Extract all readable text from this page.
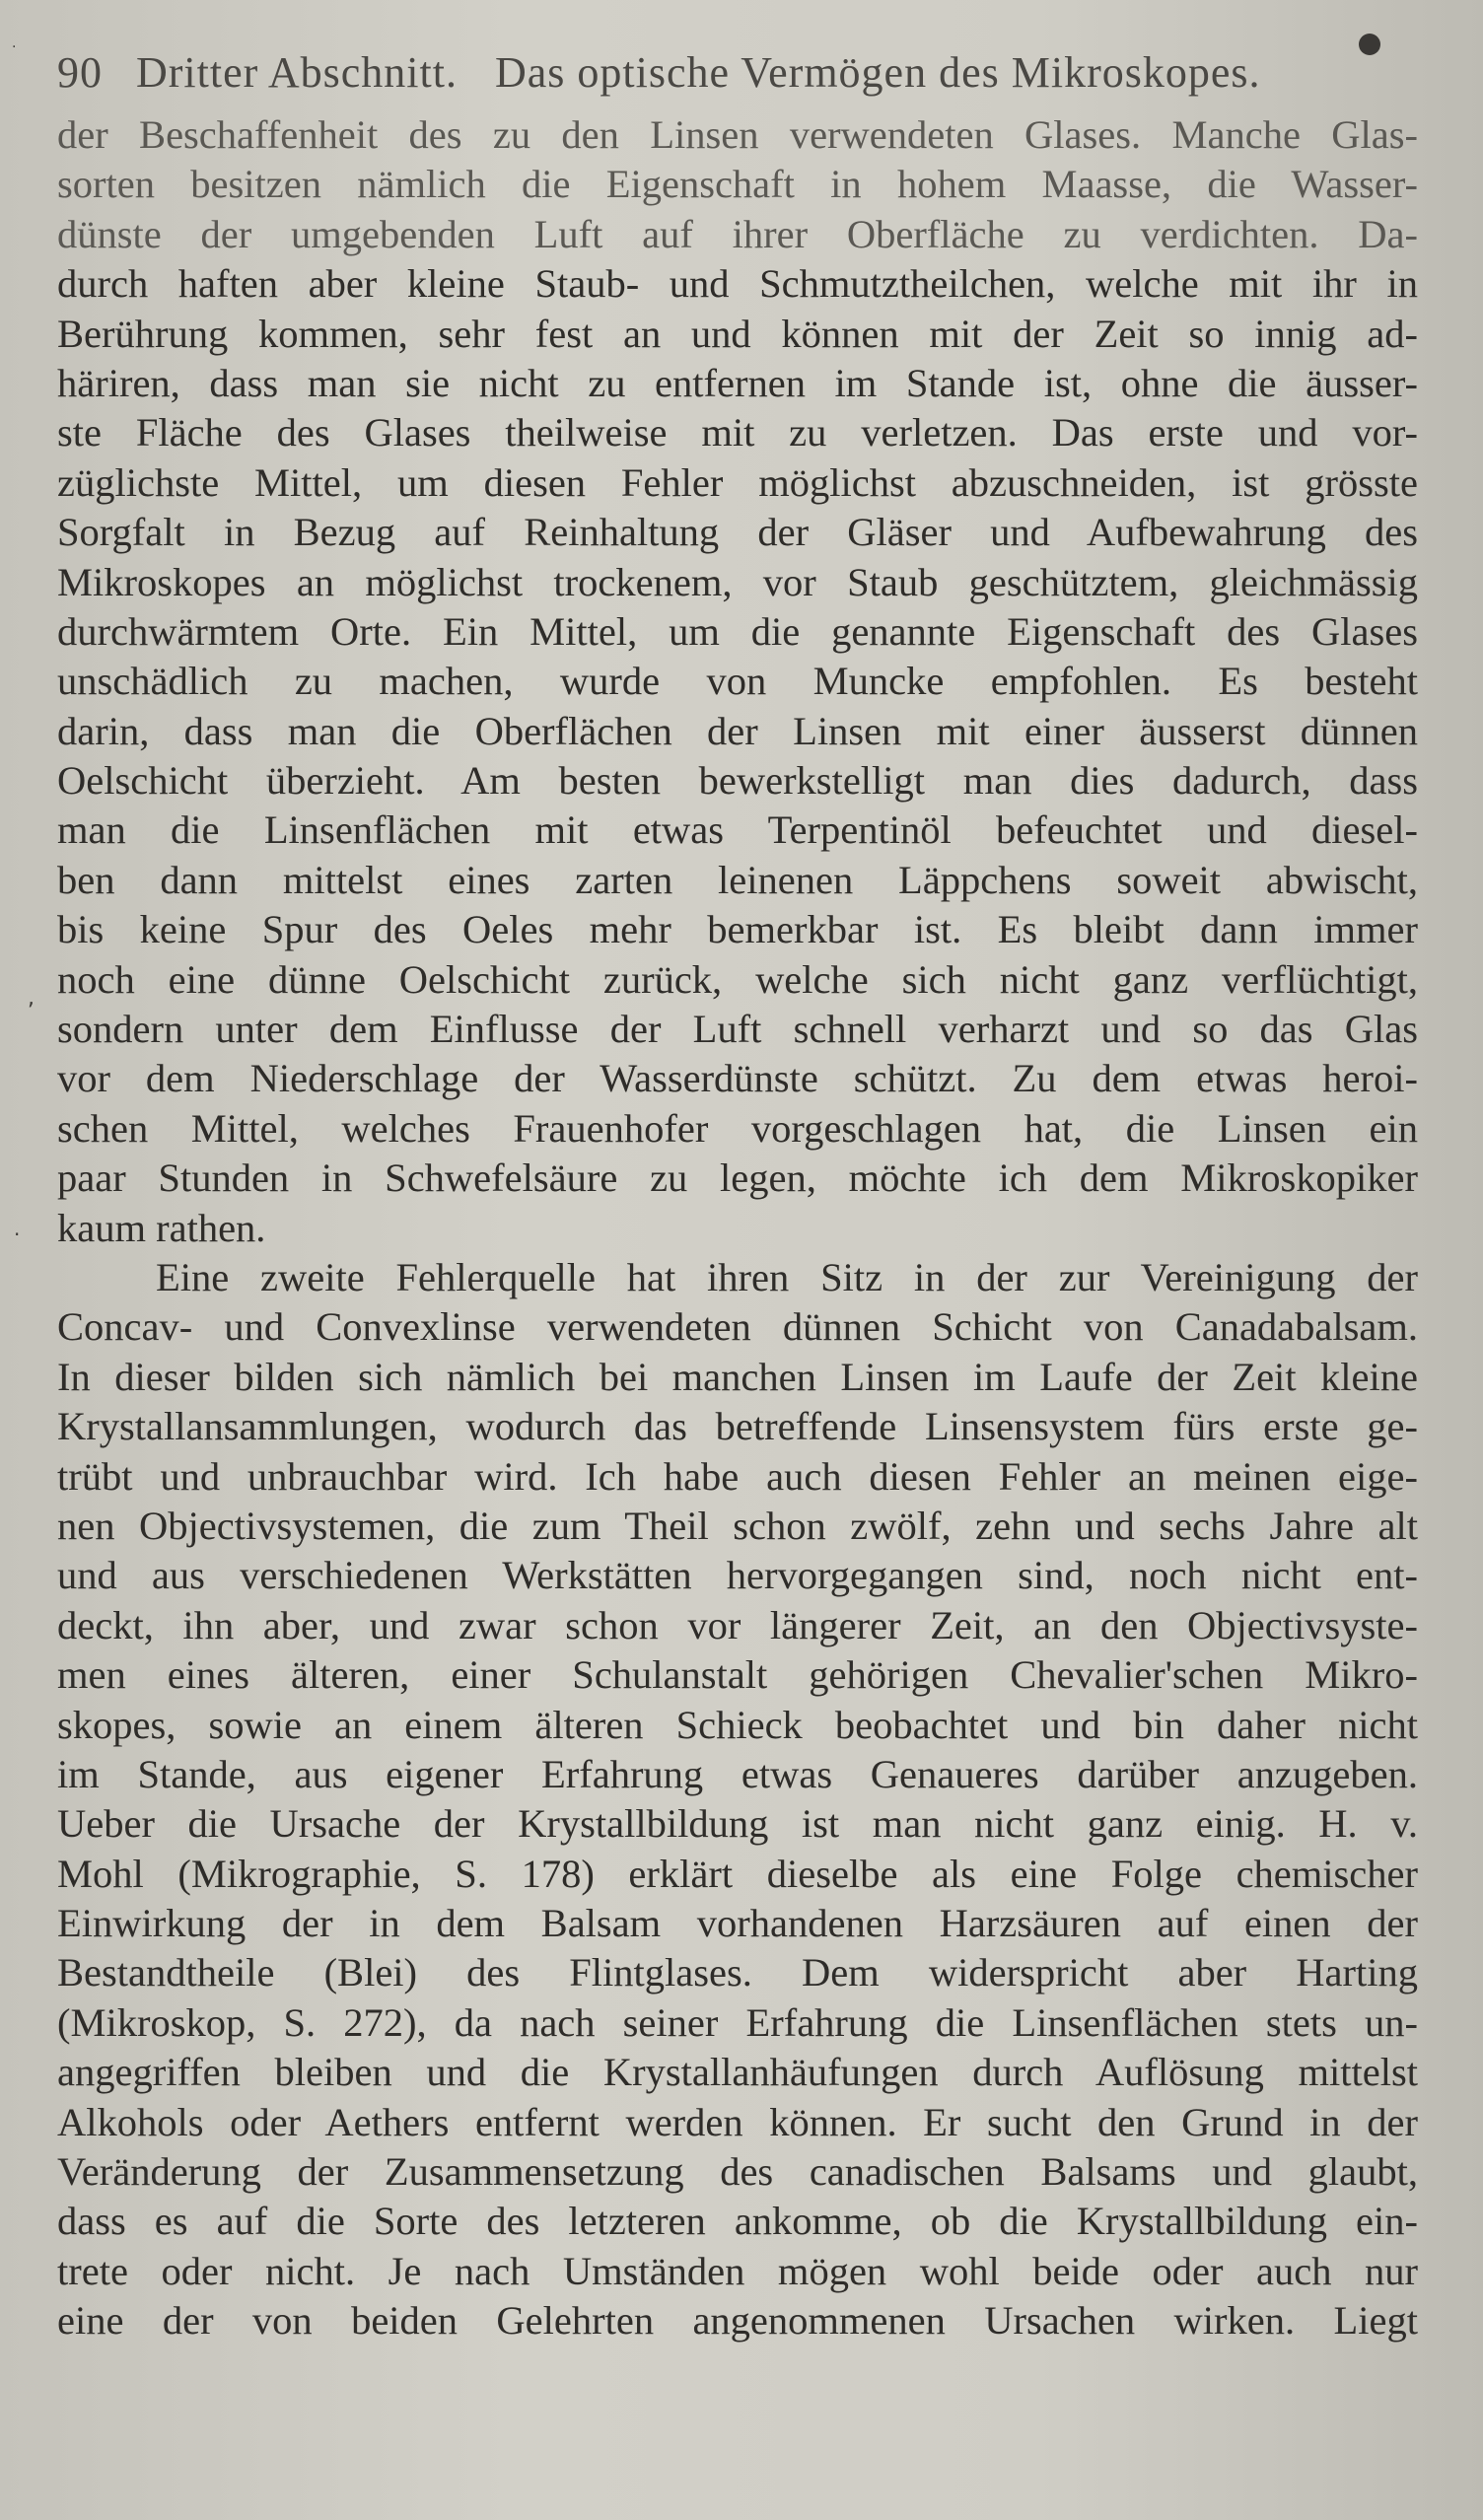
90 Dritter Abschnitt. Das optische Vermögen des Mikroskopes.
,
·
·
der Beschaffenheit des zu den Linsen verwendeten Glases. Manche Glas-
sorten besitzen nämlich die Eigenschaft in hohem Maasse, die Wasser-
dünste der umgebenden Luft auf ihrer Oberfläche zu verdichten. Da-
durch haften aber kleine Staub- und Schmutztheilchen, welche mit ihr in
Berührung kommen, sehr fest an und können mit der Zeit so innig ad-
häriren, dass man sie nicht zu entfernen im Stande ist, ohne die äusser-
ste Fläche des Glases theilweise mit zu verletzen. Das erste und vor-
züglichste Mittel, um diesen Fehler möglichst abzuschneiden, ist grösste
Sorgfalt in Bezug auf Reinhaltung der Gläser und Aufbewahrung des
Mikroskopes an möglichst trockenem, vor Staub geschütztem, gleichmässig
durchwärmtem Orte. Ein Mittel, um die genannte Eigenschaft des Glases
unschädlich zu machen, wurde von Muncke empfohlen. Es besteht
darin, dass man die Oberflächen der Linsen mit einer äusserst dünnen
Oelschicht überzieht. Am besten bewerkstelligt man dies dadurch, dass
man die Linsenflächen mit etwas Terpentinöl befeuchtet und diesel-
ben dann mittelst eines zarten leinenen Läppchens soweit abwischt,
bis keine Spur des Oeles mehr bemerkbar ist. Es bleibt dann immer
noch eine dünne Oelschicht zurück, welche sich nicht ganz verflüchtigt,
sondern unter dem Einflusse der Luft schnell verharzt und so das Glas
vor dem Niederschlage der Wasserdünste schützt. Zu dem etwas heroi-
schen Mittel, welches Frauenhofer vorgeschlagen hat, die Linsen ein
paar Stunden in Schwefelsäure zu legen, möchte ich dem Mikroskopiker
kaum rathen.
Eine zweite Fehlerquelle hat ihren Sitz in der zur Vereinigung der
Concav- und Convexlinse verwendeten dünnen Schicht von Canadabalsam.
In dieser bilden sich nämlich bei manchen Linsen im Laufe der Zeit kleine
Krystallansammlungen, wodurch das betreffende Linsensystem fürs erste ge-
trübt und unbrauchbar wird. Ich habe auch diesen Fehler an meinen eige-
nen Objectivsystemen, die zum Theil schon zwölf, zehn und sechs Jahre alt
und aus verschiedenen Werkstätten hervorgegangen sind, noch nicht ent-
deckt, ihn aber, und zwar schon vor längerer Zeit, an den Objectivsyste-
men eines älteren, einer Schulanstalt gehörigen Chevalier'schen Mikro-
skopes, sowie an einem älteren Schieck beobachtet und bin daher nicht
im Stande, aus eigener Erfahrung etwas Genaueres darüber anzugeben.
Ueber die Ursache der Krystallbildung ist man nicht ganz einig. H. v.
Mohl (Mikrographie, S. 178) erklärt dieselbe als eine Folge chemischer
Einwirkung der in dem Balsam vorhandenen Harzsäuren auf einen der
Bestandtheile (Blei) des Flintglases. Dem widerspricht aber Harting
(Mikroskop, S. 272), da nach seiner Erfahrung die Linsenflächen stets un-
angegriffen bleiben und die Krystallanhäufungen durch Auflösung mittelst
Alkohols oder Aethers entfernt werden können. Er sucht den Grund in der
Veränderung der Zusammensetzung des canadischen Balsams und glaubt,
dass es auf die Sorte des letzteren ankomme, ob die Krystallbildung ein-
trete oder nicht. Je nach Umständen mögen wohl beide oder auch nur
eine der von beiden Gelehrten angenommenen Ursachen wirken. Liegt
